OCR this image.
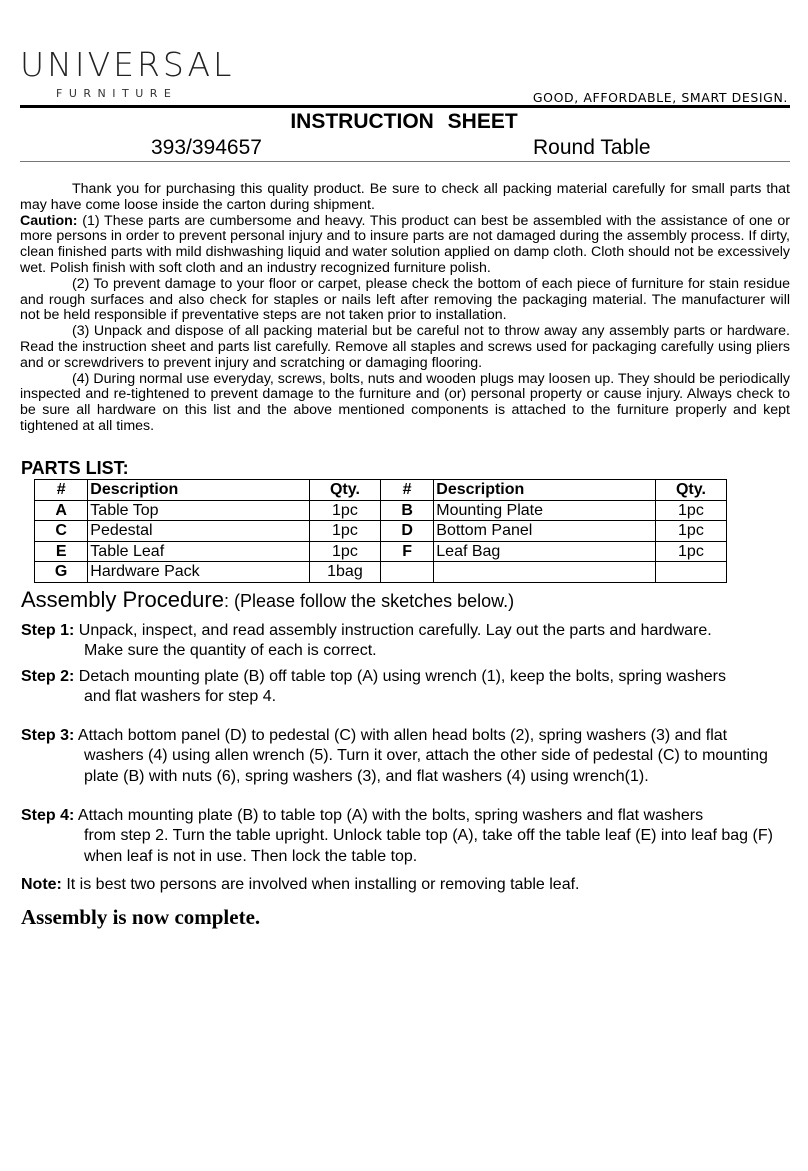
UNIVERSAL
FURNITURE	GOOD, AFFORDABLE, SMART DESIGN.
INSTRUCTION SHEET
393/394657	Round Table

Thank you for purchasing this quality product. Be sure to check all packing material carefully for small parts that may have come loose inside the carton during shipment.

Caution: (1) These parts are cumbersome and heavy. This product can best be assembled with the assistance of one or more persons in order to prevent personal injury and to insure parts are not damaged during the assembly process. If dirty, clean finished parts with mild dishwashing liquid and water solution applied on damp cloth. Cloth should not be excessively wet. Polish finish with soft cloth and an industry recognized furniture polish.

(2) To prevent damage to your floor or carpet, please check the bottom of each piece of furniture for stain residue and rough surfaces and also check for staples or nails left after removing the packaging material. The manufacturer will not be held responsible if preventative steps are not taken prior to installation.

(3) Unpack and dispose of all packing material but be careful not to throw away any assembly parts or hardware. Read the instruction sheet and parts list carefully. Remove all staples and screws used for packaging carefully using pliers and or screwdrivers to prevent injury and scratching or damaging flooring.

(4) During normal use everyday, screws, bolts, nuts and wooden plugs may loosen up. They should be periodically inspected and re-tightened to prevent damage to the furniture and (or) personal property or cause injury. Always check to be sure all hardware on this list and the above mentioned components is attached to the furniture properly and kept tightened at all times.

PARTS LIST:
#	Description	Qty.	#	Description	Qty.
A	Table Top	1pc	B	Mounting Plate	1pc
C	Pedestal	1pc	D	Bottom Panel	1pc
E	Table Leaf	1pc	F	Leaf Bag	1pc
G	Hardware Pack	1bag			
Assembly Procedure: (Please follow the sketches below.)
Step 1: Unpack, inspect, and read assembly instruction carefully. Lay out the parts and hardware.
Make sure the quantity of each is correct.
Step 2: Detach mounting plate (B) off table top (A) using wrench (1), keep the bolts, spring washers
and flat washers for step 4.
Step 3: Attach bottom panel (D) to pedestal (C) with allen head bolts (2), spring washers (3) and flat
washers (4) using allen wrench (5). Turn it over, attach the other side of pedestal (C) to mounting plate (B) with nuts (6), spring washers (3), and flat washers (4) using wrench(1).
Step 4: Attach mounting plate (B) to table top (A) with the bolts, spring washers and flat washers
from step 2. Turn the table upright. Unlock table top (A), take off the table leaf (E) into leaf bag (F) when leaf is not in use. Then lock the table top.
Note: It is best two persons are involved when installing or removing table leaf.
Assembly is now complete.
